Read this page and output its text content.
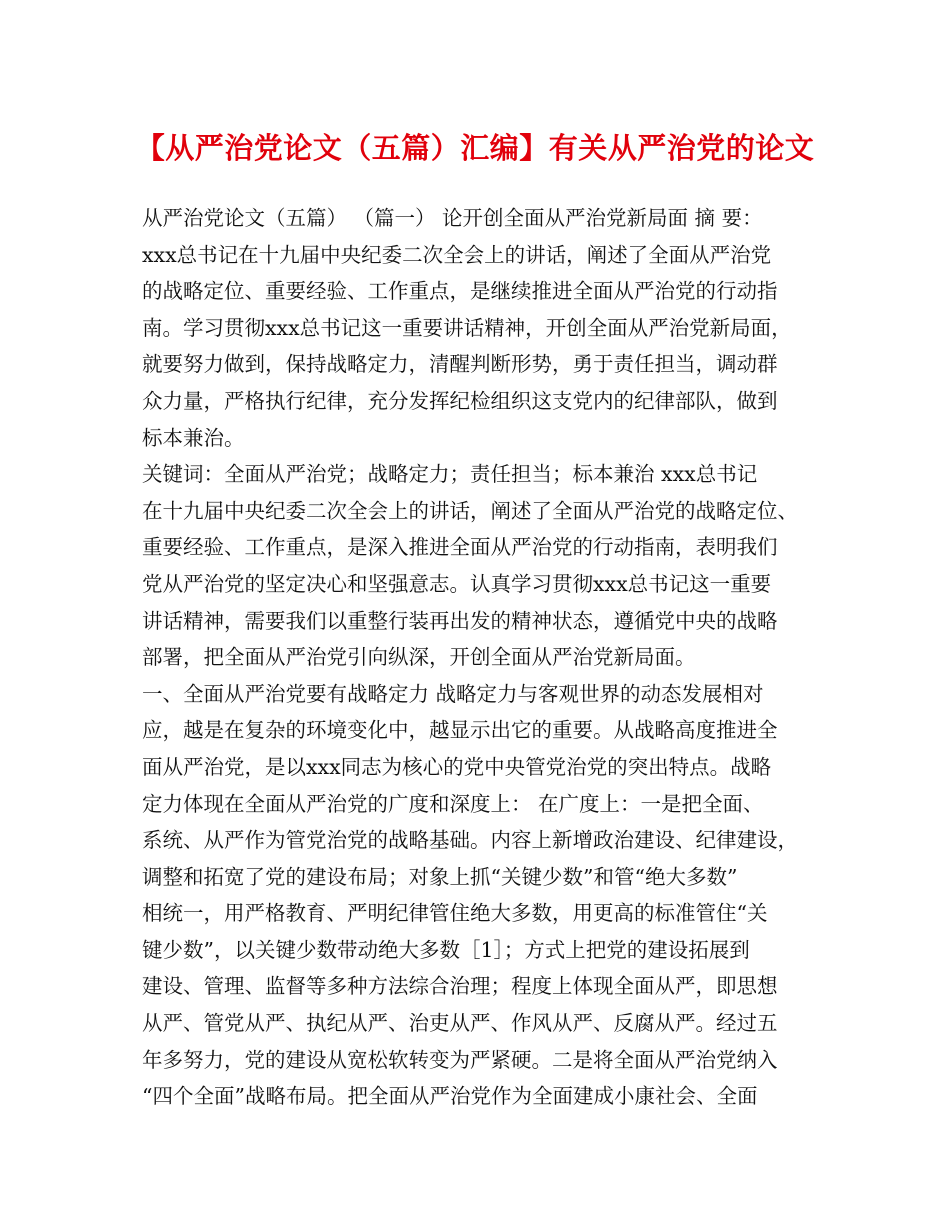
【从严治党论文（五篇）汇编】有关从严治党的论文
从严治党论文（五篇） （篇一） 论开创全面从严治党新局面 摘 要：
xxx总书记在十九届中央纪委二次全会上的讲话，阐述了全面从严治党
的战略定位、重要经验、工作重点，是继续推进全面从严治党的行动指
南。学习贯彻xxx总书记这一重要讲话精神，开创全面从严治党新局面，
就要努力做到，保持战略定力，清醒判断形势，勇于责任担当，调动群
众力量，严格执行纪律，充分发挥纪检组织这支党内的纪律部队，做到
标本兼治。
关键词：全面从严治党；战略定力；责任担当；标本兼治 xxx总书记
在十九届中央纪委二次全会上的讲话，阐述了全面从严治党的战略定位、
重要经验、工作重点，是深入推进全面从严治党的行动指南，表明我们
党从严治党的坚定决心和坚强意志。认真学习贯彻xxx总书记这一重要
讲话精神，需要我们以重整行装再出发的精神状态，遵循党中央的战略
部署，把全面从严治党引向纵深，开创全面从严治党新局面。
一、全面从严治党要有战略定力 战略定力与客观世界的动态发展相对
应，越是在复杂的环境变化中，越显示出它的重要。从战略高度推进全
面从严治党，是以xxx同志为核心的党中央管党治党的突出特点。战略
定力体现在全面从严治党的广度和深度上： 在广度上：一是把全面、
系统、从严作为管党治党的战略基础。内容上新增政治建设、纪律建设，
调整和拓宽了党的建设布局；对象上抓“关键少数”和管“绝大多数”
相统一，用严格教育、严明纪律管住绝大多数，用更高的标准管住“关
键少数”，以关键少数带动绝大多数［1］；方式上把党的建设拓展到
建设、管理、监督等多种方法综合治理；程度上体现全面从严，即思想
从严、管党从严、执纪从严、治吏从严、作风从严、反腐从严。经过五
年多努力，党的建设从宽松软转变为严紧硬。二是将全面从严治党纳入
“四个全面”战略布局。把全面从严治党作为全面建成小康社会、全面
